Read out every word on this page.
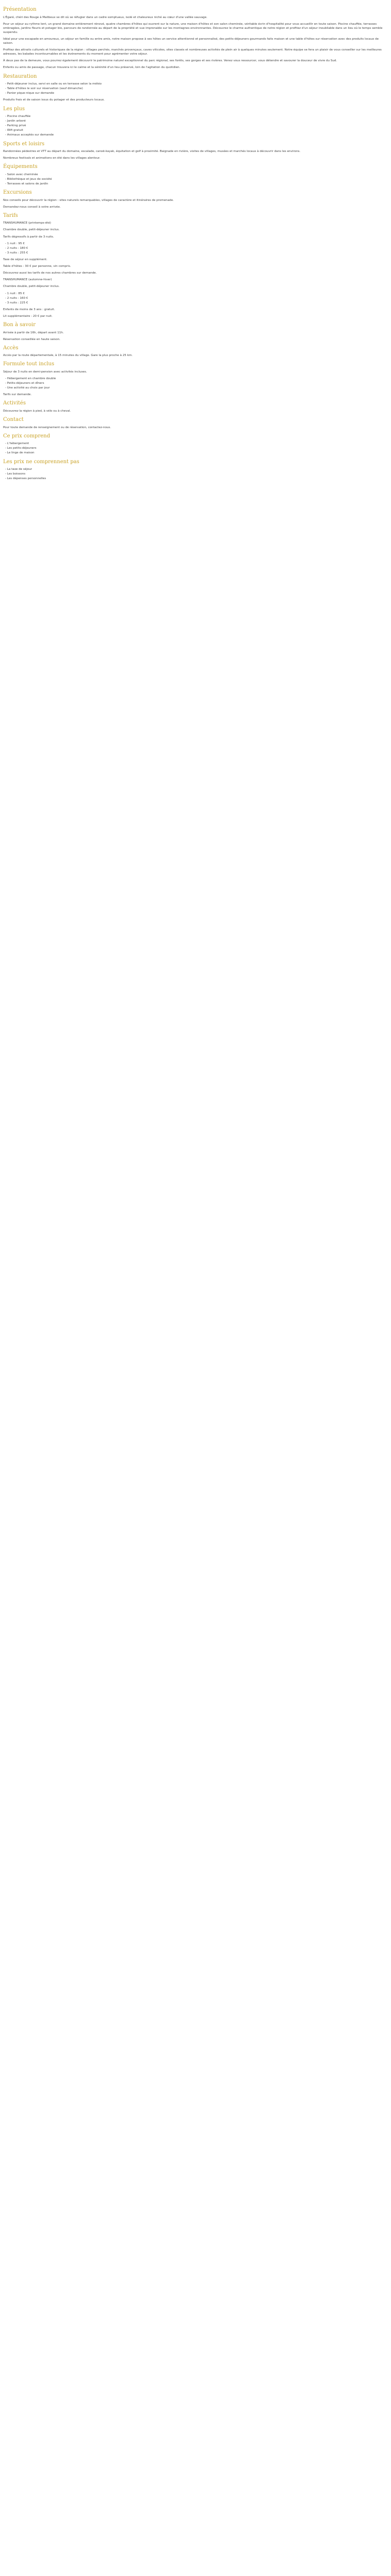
Présentation
L'Égaré, chéri des Rouge à Malibeux se dit où se réfugier dans un cadre somptueux, isolé et chaleureux niché au cœur d'une vallée sauvage.
Pour un séjour au rythme lent, un grand domaine entièrement rénové, quatre chambres d'hôtes qui ouvrent sur la nature, une maison d'hôtes et son salon cheminée, véritable écrin d'hospitalité pour vous accueillir en toute saison. Piscine chauffée, terrasses ombragées, jardins fleuris et potager bio, parcours de randonnée au départ de la propriété et vue imprenable sur les montagnes environnantes. Découvrez le charme authentique de notre région et profitez d'un séjour inoubliable dans un lieu où le temps semble suspendu.
Idéal pour une escapade en amoureux, un séjour en famille ou entre amis, notre maison propose à ses hôtes un service attentionné et personnalisé, des petits-déjeuners gourmands faits maison et une table d'hôtes sur réservation avec des produits locaux de saison.
Profitez des attraits culturels et historiques de la région : villages perchés, marchés provençaux, caves viticoles, sites classés et nombreuses activités de plein air à quelques minutes seulement. Notre équipe se fera un plaisir de vous conseiller sur les meilleures adresses, les balades incontournables et les événements du moment pour agrémenter votre séjour.
À deux pas de la demeure, vous pourrez également découvrir le patrimoine naturel exceptionnel du parc régional, ses forêts, ses gorges et ses rivières. Venez vous ressourcer, vous détendre et savourer la douceur de vivre du Sud.
Enfants ou amis de passage, chacun trouvera ici le calme et la sérénité d'un lieu préservé, loin de l'agitation du quotidien.
Restauration
- Petit-déjeuner inclus, servi en salle ou en terrasse selon la météo
- Table d'hôtes le soir sur réservation (sauf dimanche)
- Panier pique-nique sur demande
Produits frais et de saison issus du potager et des producteurs locaux.
Les plus
- Piscine chauffée
- Jardin arboré
- Parking privé
- Wifi gratuit
- Animaux acceptés sur demande
Sports et loisirs
Randonnées pédestres et VTT au départ du domaine, escalade, canoë-kayak, équitation et golf à proximité. Baignade en rivière, visites de villages, musées et marchés locaux à découvrir dans les environs.
Nombreux festivals et animations en été dans les villages alentour.
Équipements
- Salon avec cheminée
- Bibliothèque et jeux de société
- Terrasses et salons de jardin
Excursions
Nos conseils pour découvrir la région : sites naturels remarquables, villages de caractère et itinéraires de promenade.
Demandez-nous conseil à votre arrivée.
Tarifs
TRANSHUMANCE (printemps-été)
Chambre double, petit-déjeuner inclus.
Tarifs dégressifs à partir de 3 nuits.
- 1 nuit : 95 €
- 2 nuits : 180 €
- 3 nuits : 255 €
Taxe de séjour en supplément.
Table d'hôtes : 30 € par personne, vin compris.
Découvrez aussi les tarifs de nos autres chambres sur demande.
TRANSHUMANCE (automne-hiver)
Chambre double, petit-déjeuner inclus.
- 1 nuit : 85 €
- 2 nuits : 160 €
- 3 nuits : 225 €
Enfants de moins de 3 ans : gratuit.
Lit supplémentaire : 20 € par nuit.
Bon à savoir
Arrivée à partir de 16h, départ avant 11h.
Réservation conseillée en haute saison.
Accès
Accès par la route départementale, à 15 minutes du village. Gare la plus proche à 25 km.
Formule tout inclus
Séjour de 3 nuits en demi-pension avec activités incluses.
- Hébergement en chambre double
- Petits-déjeuners et dîners
- Une activité au choix par jour
Tarifs sur demande.
Activités
Découvrez la région à pied, à vélo ou à cheval.
Contact
Pour toute demande de renseignement ou de réservation, contactez-nous.
Ce prix comprend
- L'hébergement
- Les petits-déjeuners
- Le linge de maison
Les prix ne comprennent pas
- La taxe de séjour
- Les boissons
- Les dépenses personnelles
